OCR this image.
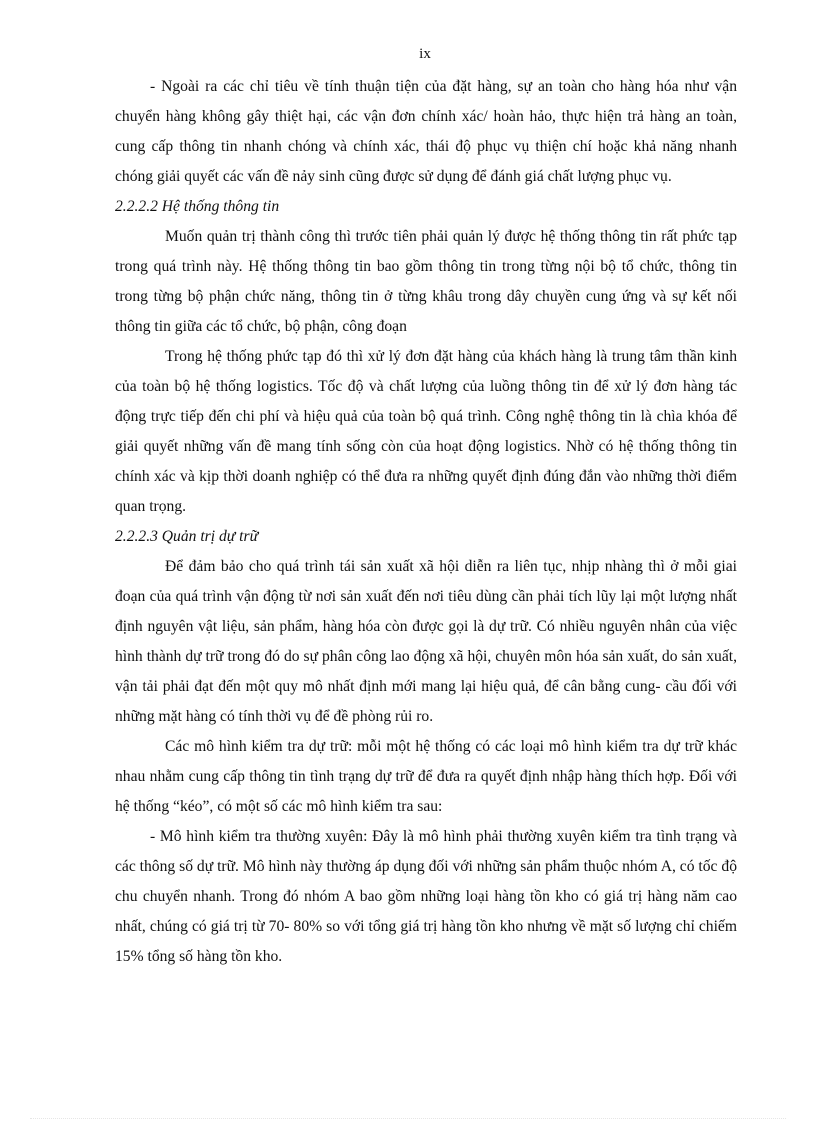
ix

- Ngoài ra các chỉ tiêu về tính thuận tiện của đặt hàng, sự an toàn cho hàng hóa như vận chuyển hàng không gây thiệt hại, các vận đơn chính xác/ hoàn hảo, thực hiện trả hàng an toàn, cung cấp thông tin nhanh chóng và chính xác, thái độ phục vụ thiện chí hoặc khả năng nhanh chóng giải quyết các vấn đề nảy sinh cũng được sử dụng để đánh giá chất lượng phục vụ.

2.2.2.2 Hệ thống thông tin

Muốn quản trị thành công thì trước tiên phải quản lý được hệ thống thông tin rất phức tạp trong quá trình này. Hệ thống thông tin bao gồm thông tin trong từng nội bộ tổ chức, thông tin trong từng bộ phận chức năng, thông tin ở từng khâu trong dây chuyền cung ứng và sự kết nối thông tin giữa các tổ chức, bộ phận, công đoạn

Trong hệ thống phức tạp đó thì xử lý đơn đặt hàng của khách hàng là trung tâm thần kinh của toàn bộ hệ thống logistics. Tốc độ và chất lượng của luồng thông tin để xử lý đơn hàng tác động trực tiếp đến chi phí và hiệu quả của toàn bộ quá trình. Công nghệ thông tin là chìa khóa để giải quyết những vấn đề mang tính sống còn của hoạt động logistics. Nhờ có hệ thống thông tin chính xác và kịp thời doanh nghiệp có thể đưa ra những quyết định đúng đắn vào những thời điểm quan trọng.

2.2.2.3 Quản trị dự trữ

Để đảm bảo cho quá trình tái sản xuất xã hội diễn ra liên tục, nhịp nhàng thì ở mỗi giai đoạn của quá trình vận động từ nơi sản xuất đến nơi tiêu dùng cần phải tích lũy lại một lượng nhất định nguyên vật liệu, sản phẩm, hàng hóa còn được gọi là dự trữ. Có nhiều nguyên nhân của việc hình thành dự trữ trong đó do sự phân công lao động xã hội, chuyên môn hóa sản xuất, do sản xuất, vận tải phải đạt đến một quy mô nhất định mới mang lại hiệu quả, để cân bằng cung- cầu đối với những mặt hàng có tính thời vụ để đề phòng rủi ro.

Các mô hình kiểm tra dự trữ: mỗi một hệ thống có các loại mô hình kiểm tra dự trữ khác nhau nhằm cung cấp thông tin tình trạng dự trữ để đưa ra quyết định nhập hàng thích hợp. Đối với hệ thống “kéo”, có một số các mô hình kiểm tra sau:

- Mô hình kiểm tra thường xuyên: Đây là mô hình phải thường xuyên kiểm tra tình trạng và các thông số dự trữ. Mô hình này thường áp dụng đối với những sản phẩm thuộc nhóm A, có tốc độ chu chuyển nhanh. Trong đó nhóm A bao gồm những loại hàng tồn kho có giá trị hàng năm cao nhất, chúng có giá trị từ 70- 80% so với tổng giá trị hàng tồn kho nhưng về mặt số lượng chỉ chiếm 15% tổng số hàng tồn kho.
